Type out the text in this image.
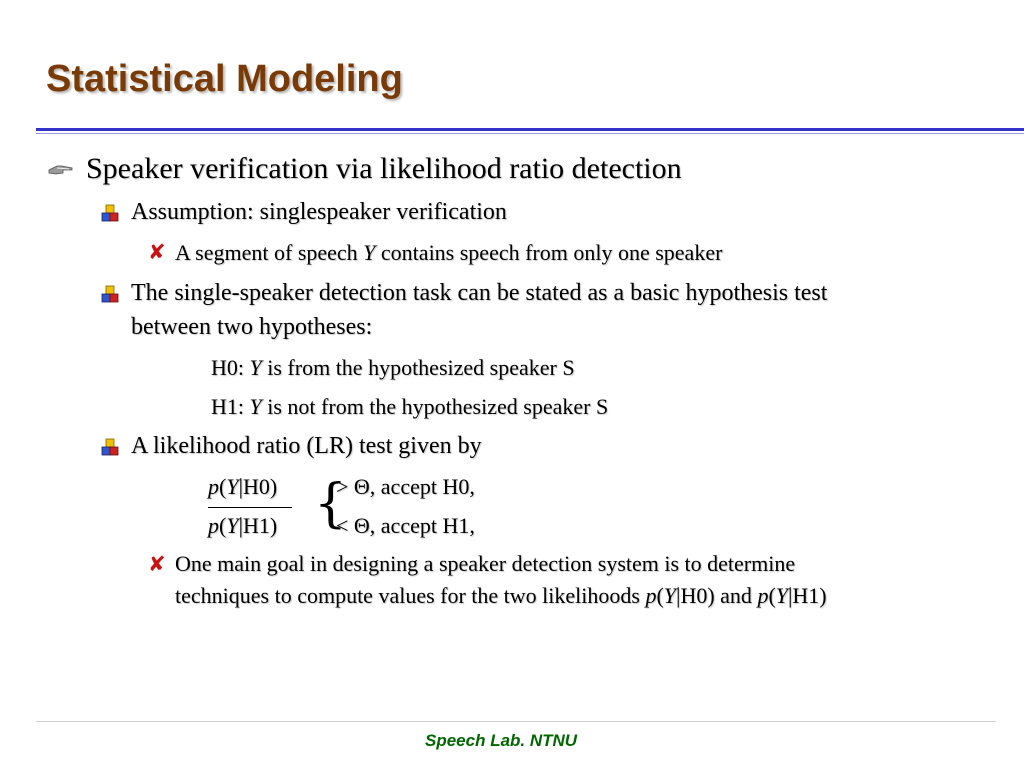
Statistical Modeling
Speaker verification via likelihood ratio detection
Assumption: singlespeaker verification
✘ A segment of speech Y contains speech from only one speaker
The single-speaker detection task can be stated as a basic hypothesis test
between two hypotheses:
H0: Y is from the hypothesized speaker S
H1: Y is not from the hypothesized speaker S
A likelihood ratio (LR) test given by
p(Y|H0)
p(Y|H1) {
> Θ, accept H0,
< Θ, accept H1,
✘ One main goal in designing a speaker detection system is to determine
techniques to compute values for the two likelihoods p(Y|H0) and p(Y|H1)
Speech Lab. NTNU
